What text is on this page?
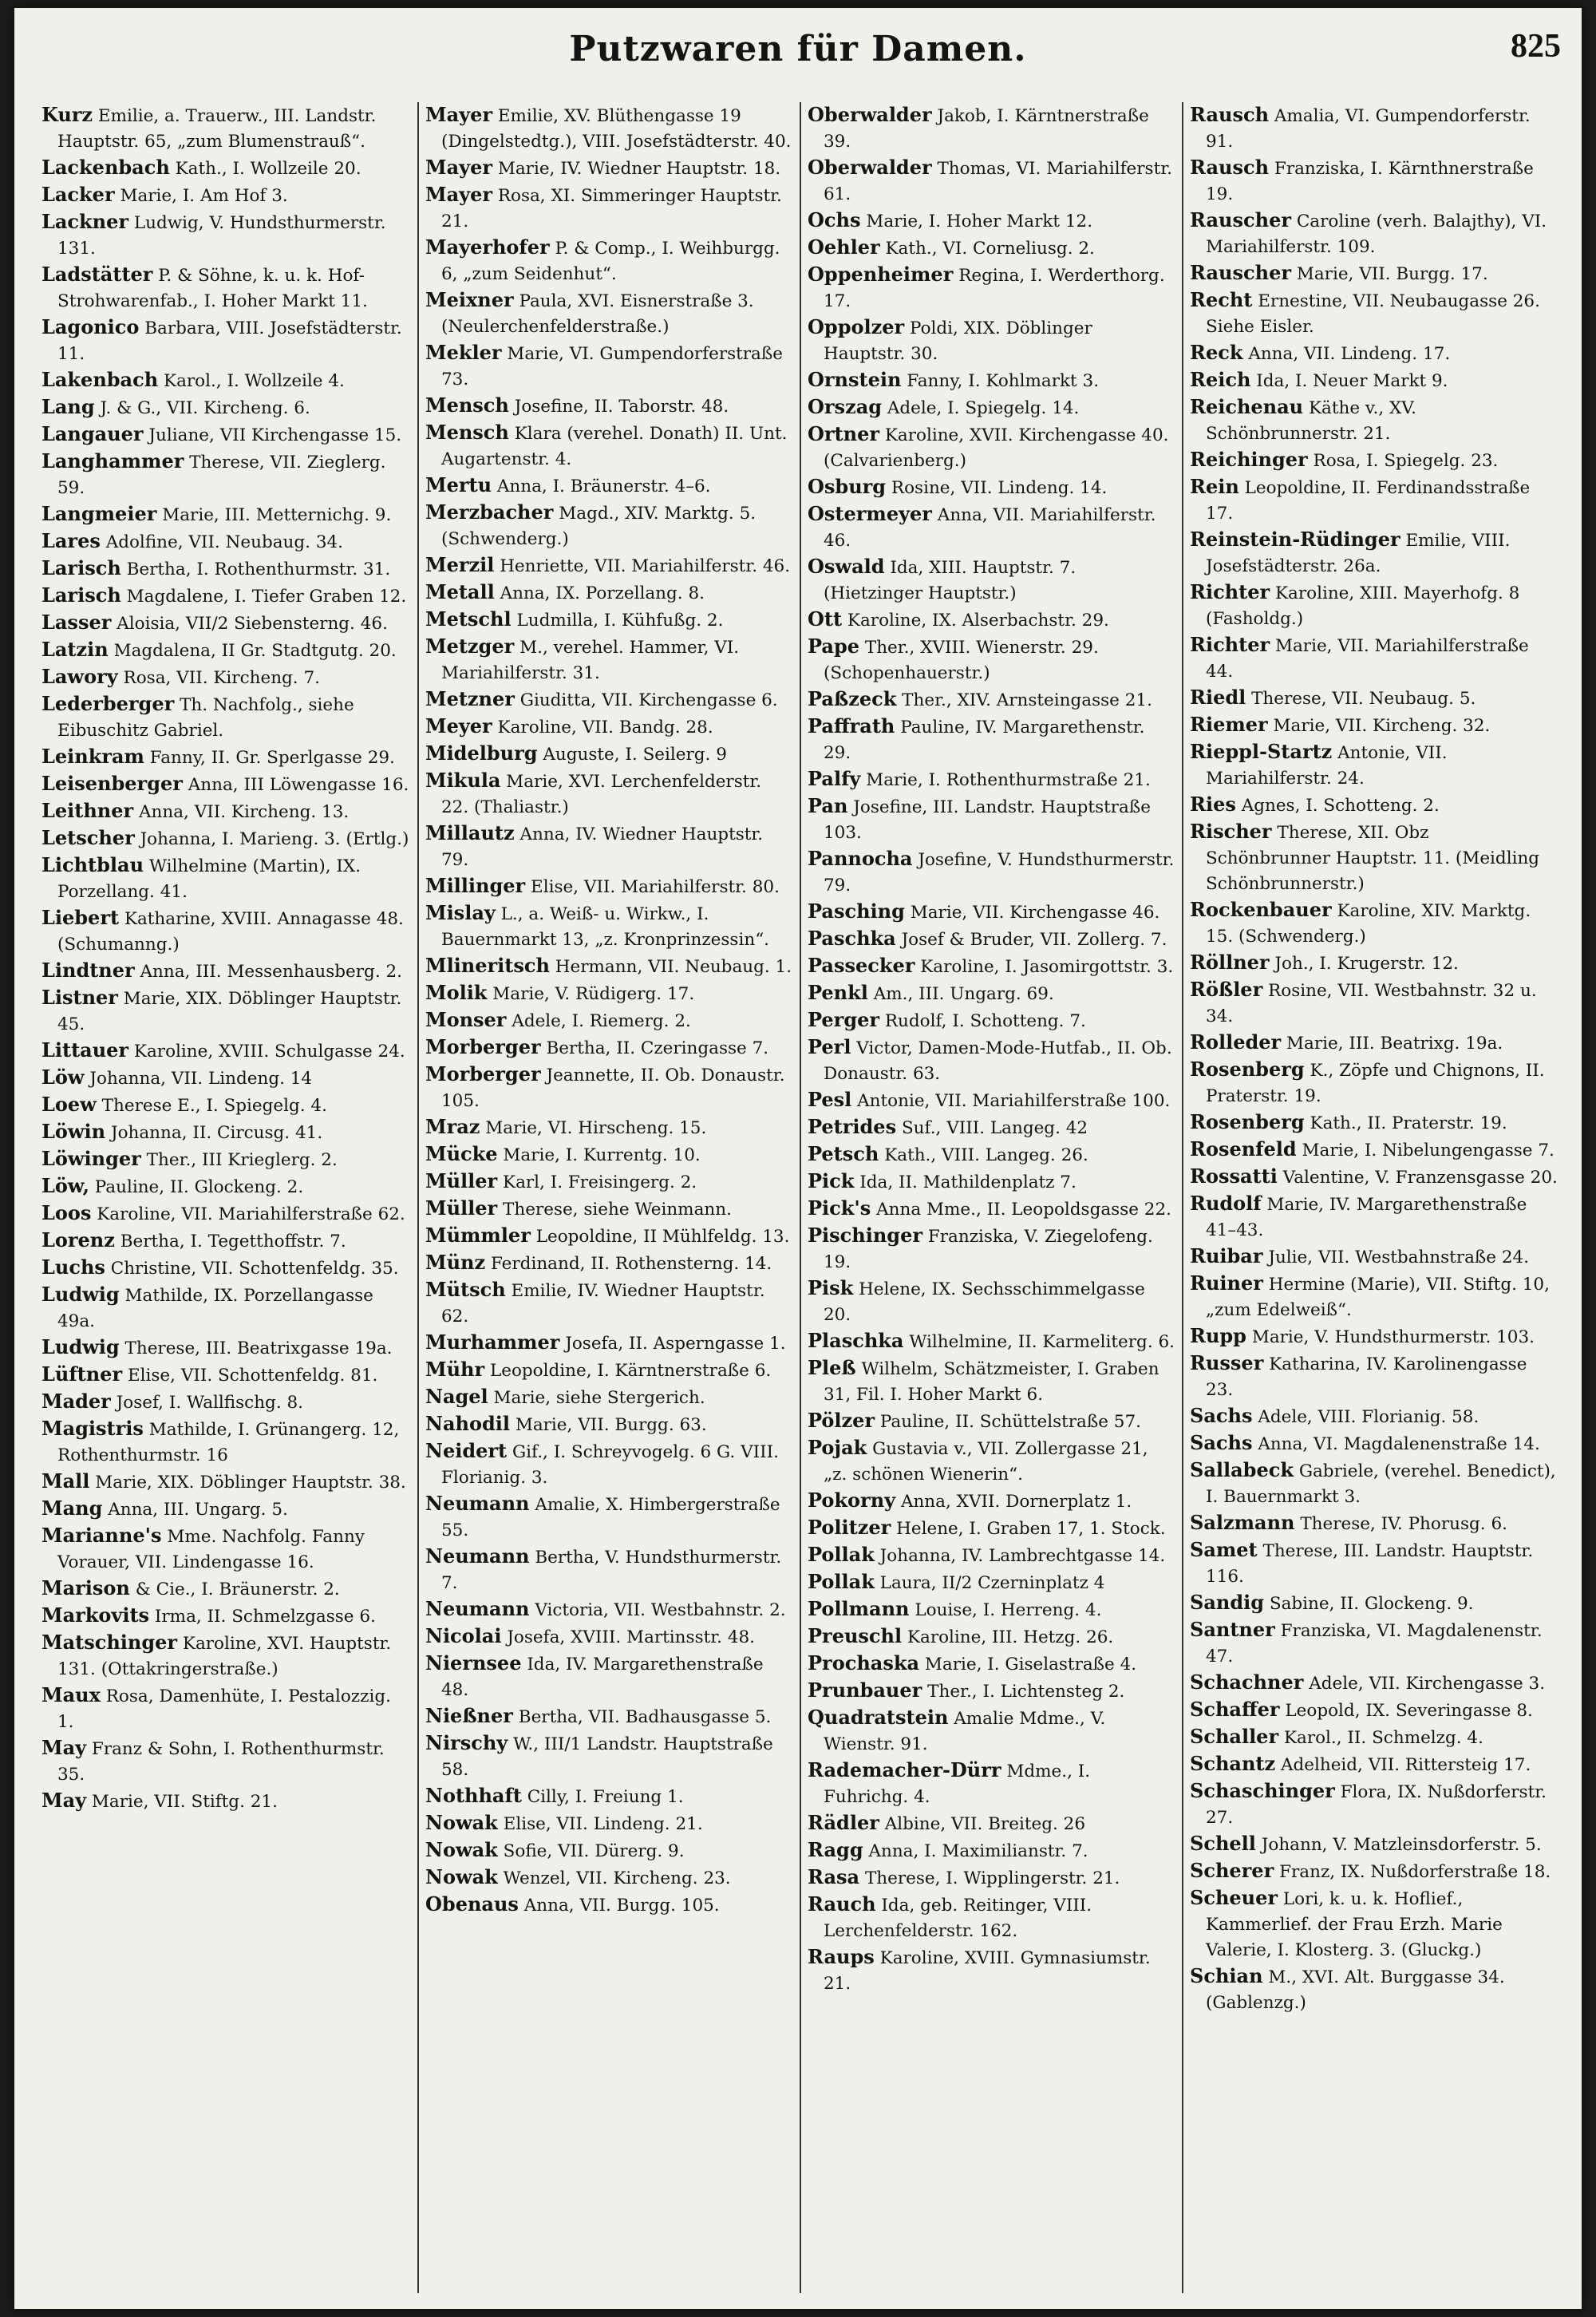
Putzwaren für Damen.	825
Kurz Emilie, a. Trauerw., III. Landstr. Hauptstr. 65, „zum Blumenstrauß“.
Lackenbach Kath., I. Wollzeile 20.
Lacker Marie, I. Am Hof 3.
Lackner Ludwig, V. Hundsthurmerstr. 131.
Ladstätter P. & Söhne, k. u. k. Hof-Strohwarenfab., I. Hoher Markt 11.
Lagonico Barbara, VIII. Josefstädterstr. 11.
Lakenbach Karol., I. Wollzeile 4.
Lang J. & G., VII. Kircheng. 6.
Langauer Juliane, VII Kirchengasse 15.
Langhammer Therese, VII. Zieglerg. 59.
Langmeier Marie, III. Metternichg. 9.
Lares Adolfine, VII. Neubaug. 34.
Larisch Bertha, I. Rothenthurmstr. 31.
Larisch Magdalene, I. Tiefer Graben 12.
Lasser Aloisia, VII/2 Siebensterng. 46.
Latzin Magdalena, II Gr. Stadtgutg. 20.
Lawory Rosa, VII. Kircheng. 7.
Lederberger Th. Nachfolg., siehe Eibuschitz Gabriel.
Leinkram Fanny, II. Gr. Sperlgasse 29.
Leisenberger Anna, III Löwengasse 16.
Leithner Anna, VII. Kircheng. 13.
Letscher Johanna, I. Marieng. 3. (Ertlg.)
Lichtblau Wilhelmine (Martin), IX. Porzellang. 41.
Liebert Katharine, XVIII. Annagasse 48. (Schumanng.)
Lindtner Anna, III. Messenhausberg. 2.
Listner Marie, XIX. Döblinger Hauptstr. 45.
Littauer Karoline, XVIII. Schulgasse 24.
Löw Johanna, VII. Lindeng. 14
Loew Therese E., I. Spiegelg. 4.
Löwin Johanna, II. Circusg. 41.
Löwinger Ther., III Krieglerg. 2.
Löw, Pauline, II. Glockeng. 2.
Loos Karoline, VII. Mariahilferstraße 62.
Lorenz Bertha, I. Tegetthoffstr. 7.
Luchs Christine, VII. Schottenfeldg. 35.
Ludwig Mathilde, IX. Porzellangasse 49a.
Ludwig Therese, III. Beatrixgasse 19a.
Lüftner Elise, VII. Schottenfeldg. 81.
Mader Josef, I. Wallfischg. 8.
Magistris Mathilde, I. Grünangerg. 12, Rothenthurmstr. 16
Mall Marie, XIX. Döblinger Hauptstr. 38.
Mang Anna, III. Ungarg. 5.
Marianne's Mme. Nachfolg. Fanny Vorauer, VII. Lindengasse 16.
Marison & Cie., I. Bräunerstr. 2.
Markovits Irma, II. Schmelzgasse 6.
Matschinger Karoline, XVI. Hauptstr. 131. (Ottakringerstraße.)
Maux Rosa, Damenhüte, I. Pestalozzig. 1.
May Franz & Sohn, I. Rothenthurmstr. 35.
May Marie, VII. Stiftg. 21.
Mayer Emilie, XV. Blüthengasse 19 (Dingelstedtg.), VIII. Josefstädterstr. 40.
Mayer Marie, IV. Wiedner Hauptstr. 18.
Mayer Rosa, XI. Simmeringer Hauptstr. 21.
Mayerhofer P. & Comp., I. Weihburgg. 6, „zum Seidenhut“.
Meixner Paula, XVI. Eisnerstraße 3. (Neulerchenfelderstraße.)
Mekler Marie, VI. Gumpendorferstraße 73.
Mensch Josefine, II. Taborstr. 48.
Mensch Klara (verehel. Donath) II. Unt. Augartenstr. 4.
Mertu Anna, I. Bräunerstr. 4–6.
Merzbacher Magd., XIV. Marktg. 5. (Schwenderg.)
Merzil Henriette, VII. Mariahilferstr. 46.
Metall Anna, IX. Porzellang. 8.
Metschl Ludmilla, I. Kühfußg. 2.
Metzger M., verehel. Hammer, VI. Mariahilferstr. 31.
Metzner Giuditta, VII. Kirchengasse 6.
Meyer Karoline, VII. Bandg. 28.
Midelburg Auguste, I. Seilerg. 9
Mikula Marie, XVI. Lerchenfelderstr. 22. (Thaliastr.)
Millautz Anna, IV. Wiedner Hauptstr. 79.
Millinger Elise, VII. Mariahilferstr. 80.
Mislay L., a. Weiß- u. Wirkw., I. Bauernmarkt 13, „z. Kronprinzessin“.
Mlineritsch Hermann, VII. Neubaug. 1.
Molik Marie, V. Rüdigerg. 17.
Monser Adele, I. Riemerg. 2.
Morberger Bertha, II. Czeringasse 7.
Morberger Jeannette, II. Ob. Donaustr. 105.
Mraz Marie, VI. Hirscheng. 15.
Mücke Marie, I. Kurrentg. 10.
Müller Karl, I. Freisingerg. 2.
Müller Therese, siehe Weinmann.
Mümmler Leopoldine, II Mühlfeldg. 13.
Münz Ferdinand, II. Rothensterng. 14.
Mütsch Emilie, IV. Wiedner Hauptstr. 62.
Murhammer Josefa, II. Asperngasse 1.
Mühr Leopoldine, I. Kärntnerstraße 6.
Nagel Marie, siehe Stergerich.
Nahodil Marie, VII. Burgg. 63.
Neidert Gif., I. Schreyvogelg. 6 G. VIII. Florianig. 3.
Neumann Amalie, X. Himbergerstraße 55.
Neumann Bertha, V. Hundsthurmerstr. 7.
Neumann Victoria, VII. Westbahnstr. 2.
Nicolai Josefa, XVIII. Martinsstr. 48.
Niernsee Ida, IV. Margarethenstraße 48.
Nießner Bertha, VII. Badhausgasse 5.
Nirschy W., III/1 Landstr. Hauptstraße 58.
Nothhaft Cilly, I. Freiung 1.
Nowak Elise, VII. Lindeng. 21.
Nowak Sofie, VII. Dürerg. 9.
Nowak Wenzel, VII. Kircheng. 23.
Obenaus Anna, VII. Burgg. 105.
Oberwalder Jakob, I. Kärntnerstraße 39.
Oberwalder Thomas, VI. Mariahilferstr. 61.
Ochs Marie, I. Hoher Markt 12.
Oehler Kath., VI. Corneliusg. 2.
Oppenheimer Regina, I. Werderthorg. 17.
Oppolzer Poldi, XIX. Döblinger Hauptstr. 30.
Ornstein Fanny, I. Kohlmarkt 3.
Orszag Adele, I. Spiegelg. 14.
Ortner Karoline, XVII. Kirchengasse 40. (Calvarienberg.)
Osburg Rosine, VII. Lindeng. 14.
Ostermeyer Anna, VII. Mariahilferstr. 46.
Oswald Ida, XIII. Hauptstr. 7. (Hietzinger Hauptstr.)
Ott Karoline, IX. Alserbachstr. 29.
Pape Ther., XVIII. Wienerstr. 29. (Schopenhauerstr.)
Paßzeck Ther., XIV. Arnsteingasse 21.
Paffrath Pauline, IV. Margarethenstr. 29.
Palfy Marie, I. Rothenthurmstraße 21.
Pan Josefine, III. Landstr. Hauptstraße 103.
Pannocha Josefine, V. Hundsthurmerstr. 79.
Pasching Marie, VII. Kirchengasse 46.
Paschka Josef & Bruder, VII. Zollerg. 7.
Passecker Karoline, I. Jasomirgottstr. 3.
Penkl Am., III. Ungarg. 69.
Perger Rudolf, I. Schotteng. 7.
Perl Victor, Damen-Mode-Hutfab., II. Ob. Donaustr. 63.
Pesl Antonie, VII. Mariahilferstraße 100.
Petrides Suf., VIII. Langeg. 42
Petsch Kath., VIII. Langeg. 26.
Pick Ida, II. Mathildenplatz 7.
Pick's Anna Mme., II. Leopoldsgasse 22.
Pischinger Franziska, V. Ziegelofeng. 19.
Pisk Helene, IX. Sechsschimmelgasse 20.
Plaschka Wilhelmine, II. Karmeliterg. 6.
Pleß Wilhelm, Schätzmeister, I. Graben 31, Fil. I. Hoher Markt 6.
Pölzer Pauline, II. Schüttelstraße 57.
Pojak Gustavia v., VII. Zollergasse 21, „z. schönen Wienerin“.
Pokorny Anna, XVII. Dornerplatz 1.
Politzer Helene, I. Graben 17, 1. Stock.
Pollak Johanna, IV. Lambrechtgasse 14.
Pollak Laura, II/2 Czerninplatz 4
Pollmann Louise, I. Herreng. 4.
Preuschl Karoline, III. Hetzg. 26.
Prochaska Marie, I. Giselastraße 4.
Prunbauer Ther., I. Lichtensteg 2.
Quadratstein Amalie Mdme., V. Wienstr. 91.
Rademacher-Dürr Mdme., I. Fuhrichg. 4.
Rädler Albine, VII. Breiteg. 26
Ragg Anna, I. Maximilianstr. 7.
Rasa Therese, I. Wipplingerstr. 21.
Rauch Ida, geb. Reitinger, VIII. Lerchenfelderstr. 162.
Raups Karoline, XVIII. Gymnasiumstr. 21.
Rausch Amalia, VI. Gumpendorferstr. 91.
Rausch Franziska, I. Kärnthnerstraße 19.
Rauscher Caroline (verh. Balajthy), VI. Mariahilferstr. 109.
Rauscher Marie, VII. Burgg. 17.
Recht Ernestine, VII. Neubaugasse 26. Siehe Eisler.
Reck Anna, VII. Lindeng. 17.
Reich Ida, I. Neuer Markt 9.
Reichenau Käthe v., XV. Schönbrunnerstr. 21.
Reichinger Rosa, I. Spiegelg. 23.
Rein Leopoldine, II. Ferdinandsstraße 17.
Reinstein-Rüdinger Emilie, VIII. Josefstädterstr. 26a.
Richter Karoline, XIII. Mayerhofg. 8 (Fasholdg.)
Richter Marie, VII. Mariahilferstraße 44.
Riedl Therese, VII. Neubaug. 5.
Riemer Marie, VII. Kircheng. 32.
Rieppl-Startz Antonie, VII. Mariahilferstr. 24.
Ries Agnes, I. Schotteng. 2.
Rischer Therese, XII. Obz Schönbrunner Hauptstr. 11. (Meidling Schönbrunnerstr.)
Rockenbauer Karoline, XIV. Marktg. 15. (Schwenderg.)
Röllner Joh., I. Krugerstr. 12.
Rößler Rosine, VII. Westbahnstr. 32 u. 34.
Rolleder Marie, III. Beatrixg. 19a.
Rosenberg K., Zöpfe und Chignons, II. Praterstr. 19.
Rosenberg Kath., II. Praterstr. 19.
Rosenfeld Marie, I. Nibelungengasse 7.
Rossatti Valentine, V. Franzensgasse 20.
Rudolf Marie, IV. Margarethenstraße 41–43.
Ruibar Julie, VII. Westbahnstraße 24.
Ruiner Hermine (Marie), VII. Stiftg. 10, „zum Edelweiß“.
Rupp Marie, V. Hundsthurmerstr. 103.
Russer Katharina, IV. Karolinengasse 23.
Sachs Adele, VIII. Florianig. 58.
Sachs Anna, VI. Magdalenenstraße 14.
Sallabeck Gabriele, (verehel. Benedict), I. Bauernmarkt 3.
Salzmann Therese, IV. Phorusg. 6.
Samet Therese, III. Landstr. Hauptstr. 116.
Sandig Sabine, II. Glockeng. 9.
Santner Franziska, VI. Magdalenenstr. 47.
Schachner Adele, VII. Kirchengasse 3.
Schaffer Leopold, IX. Severingasse 8.
Schaller Karol., II. Schmelzg. 4.
Schantz Adelheid, VII. Rittersteig 17.
Schaschinger Flora, IX. Nußdorferstr. 27.
Schell Johann, V. Matzleinsdorferstr. 5.
Scherer Franz, IX. Nußdorferstraße 18.
Scheuer Lori, k. u. k. Hoflief., Kammerlief. der Frau Erzh. Marie Valerie, I. Klosterg. 3. (Gluckg.)
Schian M., XVI. Alt. Burggasse 34. (Gablenzg.)
